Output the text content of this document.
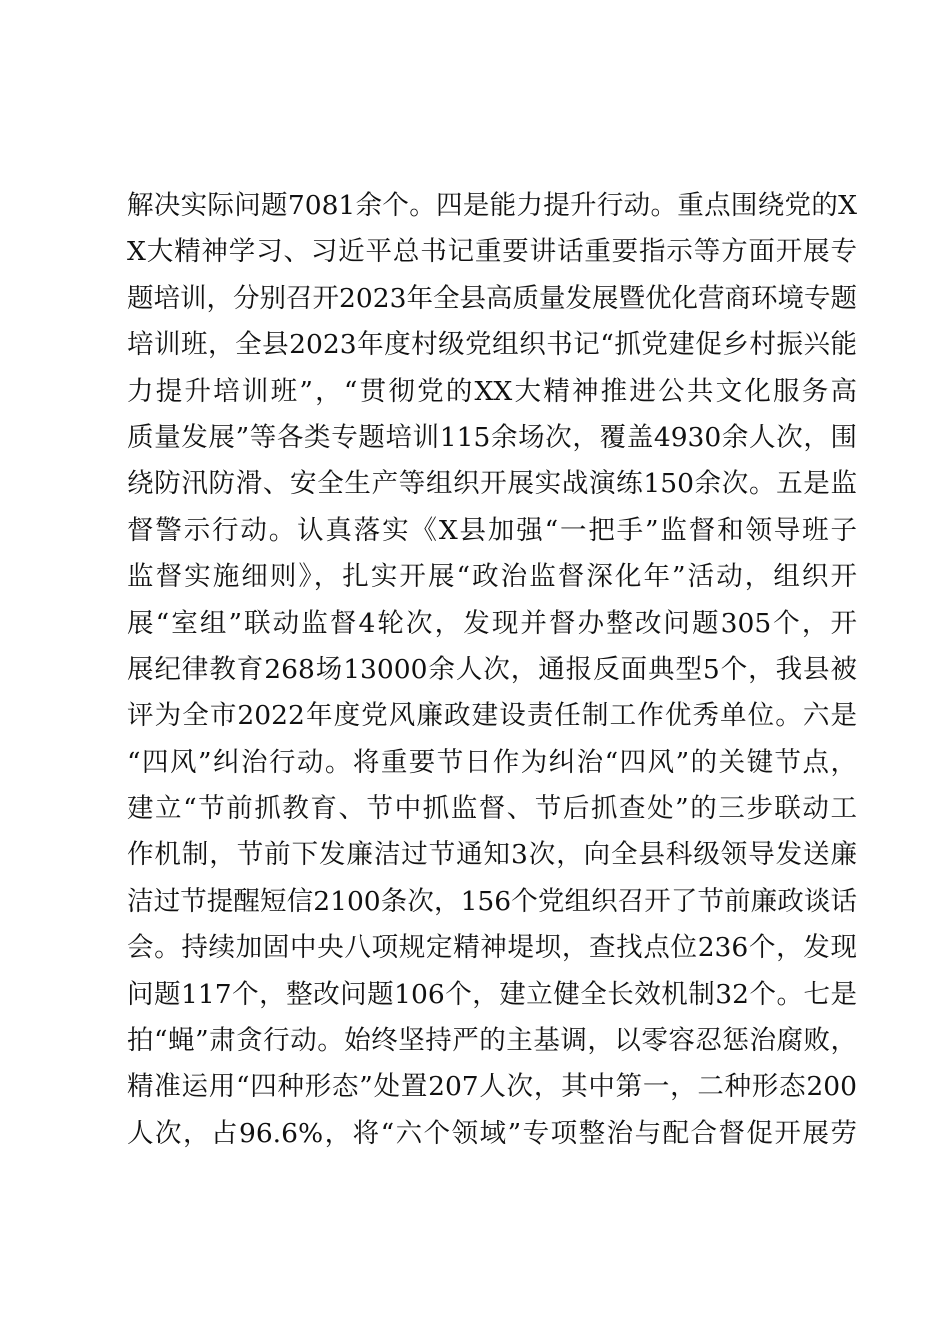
解决实际问题7081余个。四是能力提升行动。重点围绕党的X
X大精神学习、习近平总书记重要讲话重要指示等方面开展专
题培训，分别召开2023年全县高质量发展暨优化营商环境专题
培训班，全县2023年度村级党组织书记“抓党建促乡村振兴能
力提升培训班”，“贯彻党的XX大精神推进公共文化服务高
质量发展”等各类专题培训115余场次，覆盖4930余人次，围
绕防汛防滑、安全生产等组织开展实战演练150余次。五是监
督警示行动。认真落实《X县加强“一把手”监督和领导班子
监督实施细则》，扎实开展“政治监督深化年”活动，组织开
展“室组”联动监督4轮次，发现并督办整改问题305个，开
展纪律教育268场13000余人次，通报反面典型5个，我县被
评为全市2022年度党风廉政建设责任制工作优秀单位。六是
“四风”纠治行动。将重要节日作为纠治“四风”的关键节点，
建立“节前抓教育、节中抓监督、节后抓查处”的三步联动工
作机制，节前下发廉洁过节通知3次，向全县科级领导发送廉
洁过节提醒短信2100条次，156个党组织召开了节前廉政谈话
会。持续加固中央八项规定精神堤坝，查找点位236个，发现
问题117个，整改问题106个，建立健全长效机制32个。七是
拍“蝇”肃贪行动。始终坚持严的主基调，以零容忍惩治腐败，
精准运用“四种形态”处置207人次，其中第一，二种形态200
人次，占96.6%，将“六个领域”专项整治与配合督促开展劳
